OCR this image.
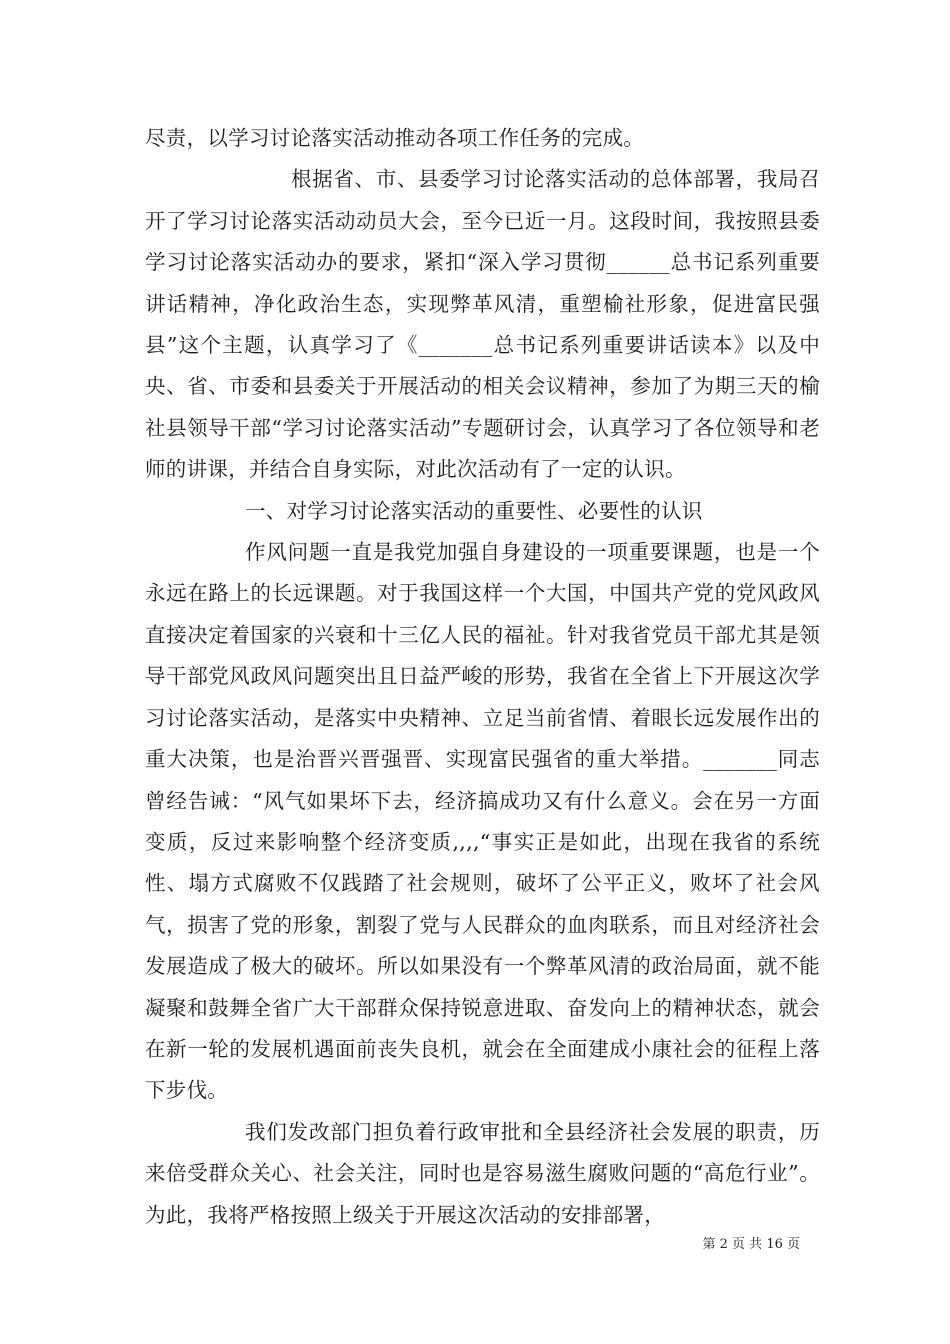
尽责，以学习讨论落实活动推动各项工作任务的完成。

根据省、市、县委学习讨论落实活动的总体部署，我局召开了学习讨论落实活动动员大会，至今已近一月。这段时间，我按照县委学习讨论落实活动办的要求，紧扣“深入学习贯彻______总书记系列重要讲话精神，净化政治生态，实现弊革风清，重塑榆社形象，促进富民强县”这个主题，认真学习了《_______总书记系列重要讲话读本》以及中央、省、市委和县委关于开展活动的相关会议精神，参加了为期三天的榆社县领导干部“学习讨论落实活动”专题研讨会，认真学习了各位领导和老师的讲课，并结合自身实际，对此次活动有了一定的认识。

一、对学习讨论落实活动的重要性、必要性的认识

作风问题一直是我党加强自身建设的一项重要课题，也是一个永远在路上的长远课题。对于我国这样一个大国，中国共产党的党风政风直接决定着国家的兴衰和十三亿人民的福祉。针对我省党员干部尤其是领导干部党风政风问题突出且日益严峻的形势，我省在全省上下开展这次学习讨论落实活动，是落实中央精神、立足当前省情、着眼长远发展作出的重大决策，也是治晋兴晋强晋、实现富民强省的重大举措。_______同志曾经告诫：“风气如果坏下去，经济搞成功又有什么意义。会在另一方面变质，反过来影响整个经济变质,,,,“事实正是如此，出现在我省的系统性、塌方式腐败不仅践踏了社会规则，破坏了公平正义，败坏了社会风气，损害了党的形象，割裂了党与人民群众的血肉联系，而且对经济社会发展造成了极大的破坏。所以如果没有一个弊革风清的政治局面，就不能凝聚和鼓舞全省广大干部群众保持锐意进取、奋发向上的精神状态，就会在新一轮的发展机遇面前丧失良机，就会在全面建成小康社会的征程上落下步伐。

我们发改部门担负着行政审批和全县经济社会发展的职责，历来倍受群众关心、社会关注，同时也是容易滋生腐败问题的“高危行业”。为此，我将严格按照上级关于开展这次活动的安排部署，

第 2 页 共 16 页
